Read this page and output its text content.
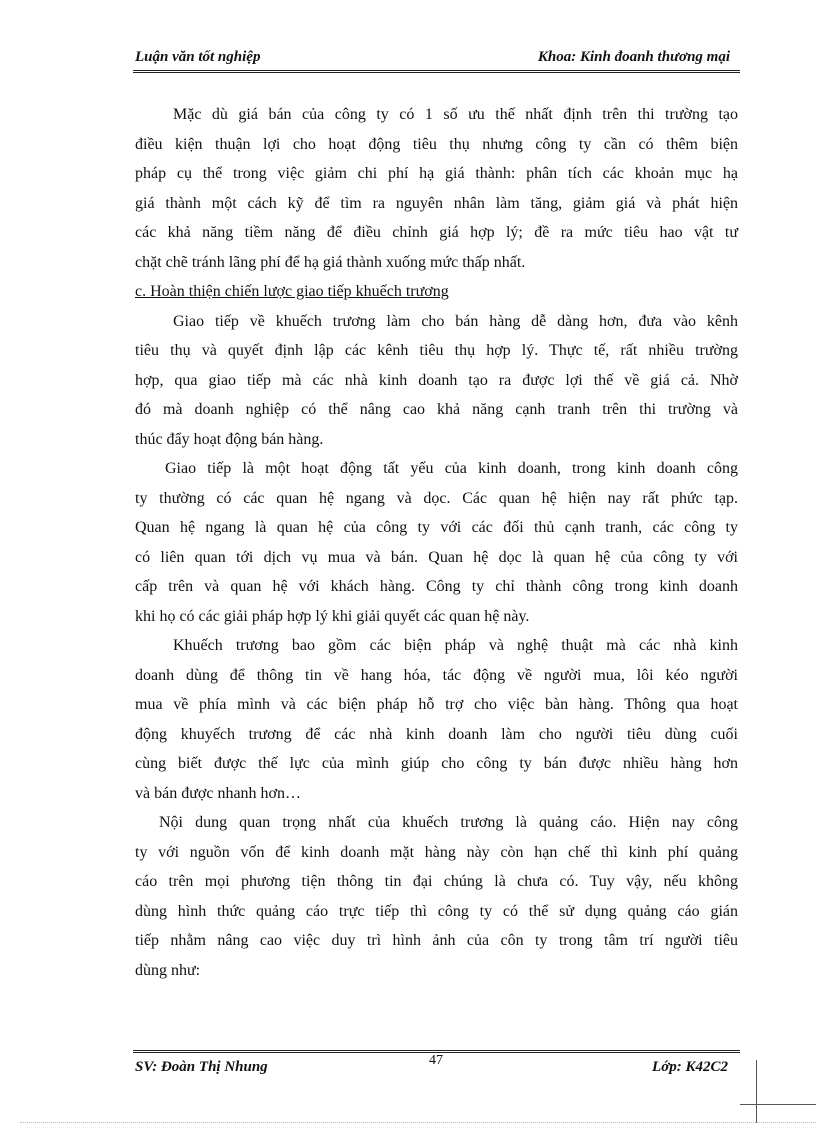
Luận văn tốt nghiệp	Khoa: Kinh đoanh thương mại

Mặc dù giá bán của công ty có 1 số ưu thế nhất định trên thi trường tạo
điều kiện thuận lợi cho hoạt động tiêu thụ nhưng công ty cần có thêm biện
pháp cụ thể trong việc giảm chi phí hạ giá thành: phân tích các khoản mục hạ
giá thành một cách kỹ để tìm ra nguyên nhân làm tăng, giảm giá và phát hiện
các khả năng tiềm năng để điều chỉnh giá hợp lý; đề ra mức tiêu hao vật tư
chặt chẽ tránh lãng phí để hạ giá thành xuống mức thấp nhất.

c. Hoàn thiện chiến lược giao tiếp khuếch trương

Giao tiếp về khuếch trương làm cho bán hàng dễ dàng hơn, đưa vào kênh
tiêu thụ và quyết định lập các kênh tiêu thụ hợp lý. Thực tế, rất nhiều trường
hợp, qua giao tiếp mà các nhà kinh doanh tạo ra được lợi thế về giá cả. Nhờ
đó mà doanh nghiệp có thể nâng cao khả năng cạnh tranh trên thi trường và
thúc đẩy hoạt động bán hàng.

Giao tiếp là một hoạt động tất yếu của kinh doanh, trong kinh doanh công
ty thường có các quan hệ ngang và dọc. Các quan hệ hiện nay rất phức tạp.
Quan hệ ngang là quan hệ của công ty với các đối thủ cạnh tranh, các công ty
có liên quan tới dịch vụ mua và bán. Quan hệ dọc là quan hệ của công ty với
cấp trên và quan hệ với khách hàng. Công ty chỉ thành công trong kinh doanh
khi họ có các giải pháp hợp lý khi giải quyết các quan hệ này.

Khuếch trương bao gồm các biện pháp và nghệ thuật mà các nhà kinh
doanh dùng để thông tin về hang hóa, tác động về người mua, lôi kéo người
mua về phía mình và các biện pháp hỗ trợ cho việc bàn hàng. Thông qua hoạt
động khuyếch trương để các nhà kinh doanh làm cho người tiêu dùng cuối
cùng biết được thế lực của mình giúp cho công ty bán được nhiều hàng hơn
và bán được nhanh hơn…

Nội dung quan trọng nhất của khuếch trương là quảng cáo. Hiện nay công
ty với nguồn vốn để kinh doanh mặt hàng này còn hạn chế thì kinh phí quảng
cáo trên mọi phương tiện thông tin đại chúng là chưa có. Tuy vậy, nếu không
dùng hình thức quảng cáo trực tiếp thì công ty có thể sử dụng quảng cáo gián
tiếp nhằm nâng cao việc duy trì hình ảnh của côn ty trong tâm trí người tiêu
dùng như:

SV: Đoàn Thị Nhung	47	Lớp: K42C2
